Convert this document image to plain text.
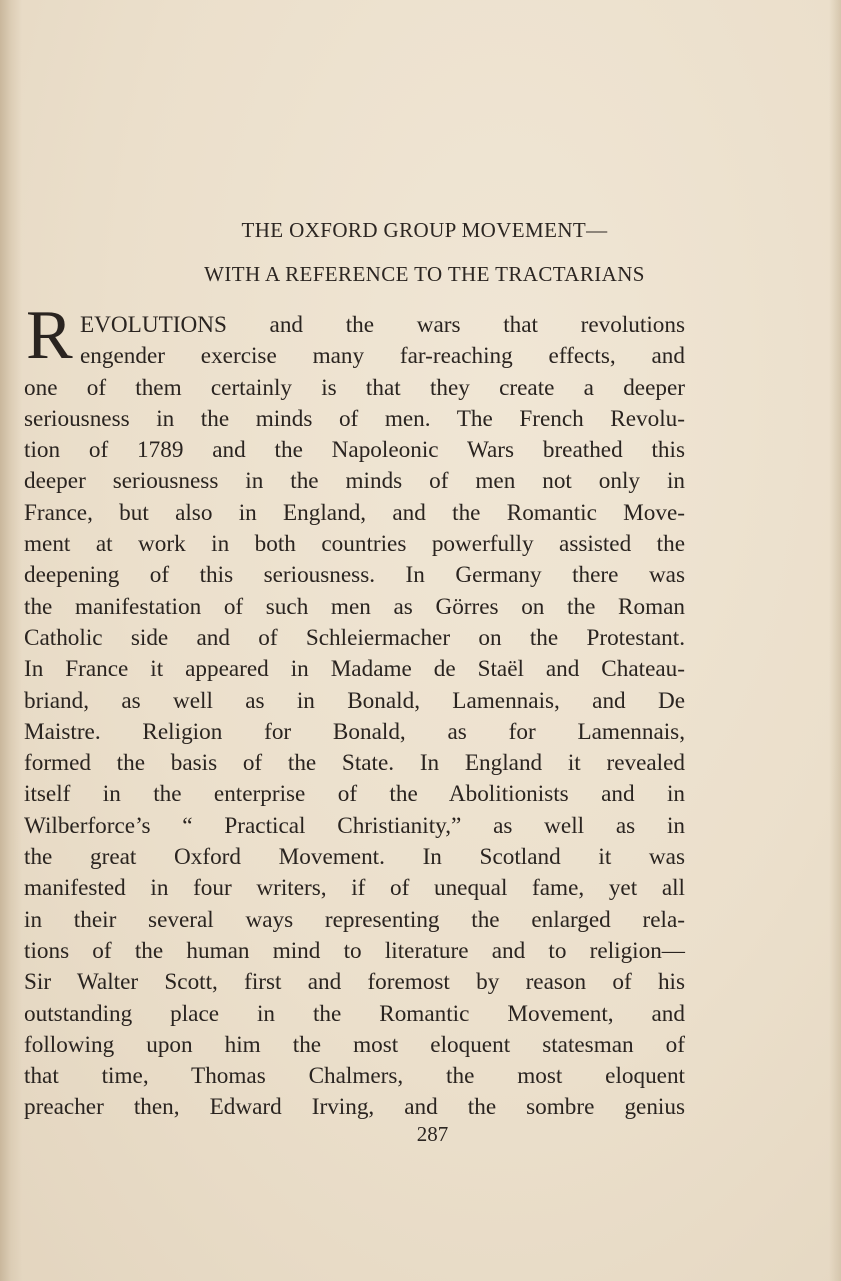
THE OXFORD GROUP MOVEMENT—
WITH A REFERENCE TO THE TRACTARIANS
R EVOLUTIONS and the wars that revolutions
engender exercise many far-reaching effects, and
one of them certainly is that they create a deeper
seriousness in the minds of men. The French Revolu-
tion of 1789 and the Napoleonic Wars breathed this
deeper seriousness in the minds of men not only in
France, but also in England, and the Romantic Move-
ment at work in both countries powerfully assisted the
deepening of this seriousness. In Germany there was
the manifestation of such men as Görres on the Roman
Catholic side and of Schleiermacher on the Protestant.
In France it appeared in Madame de Staël and Chateau-
briand, as well as in Bonald, Lamennais, and De
Maistre. Religion for Bonald, as for Lamennais,
formed the basis of the State. In England it revealed
itself in the enterprise of the Abolitionists and in
Wilberforce’s “ Practical Christianity,” as well as in
the great Oxford Movement. In Scotland it was
manifested in four writers, if of unequal fame, yet all
in their several ways representing the enlarged rela-
tions of the human mind to literature and to religion—
Sir Walter Scott, first and foremost by reason of his
outstanding place in the Romantic Movement, and
following upon him the most eloquent statesman of
that time, Thomas Chalmers, the most eloquent
preacher then, Edward Irving, and the sombre genius
287
